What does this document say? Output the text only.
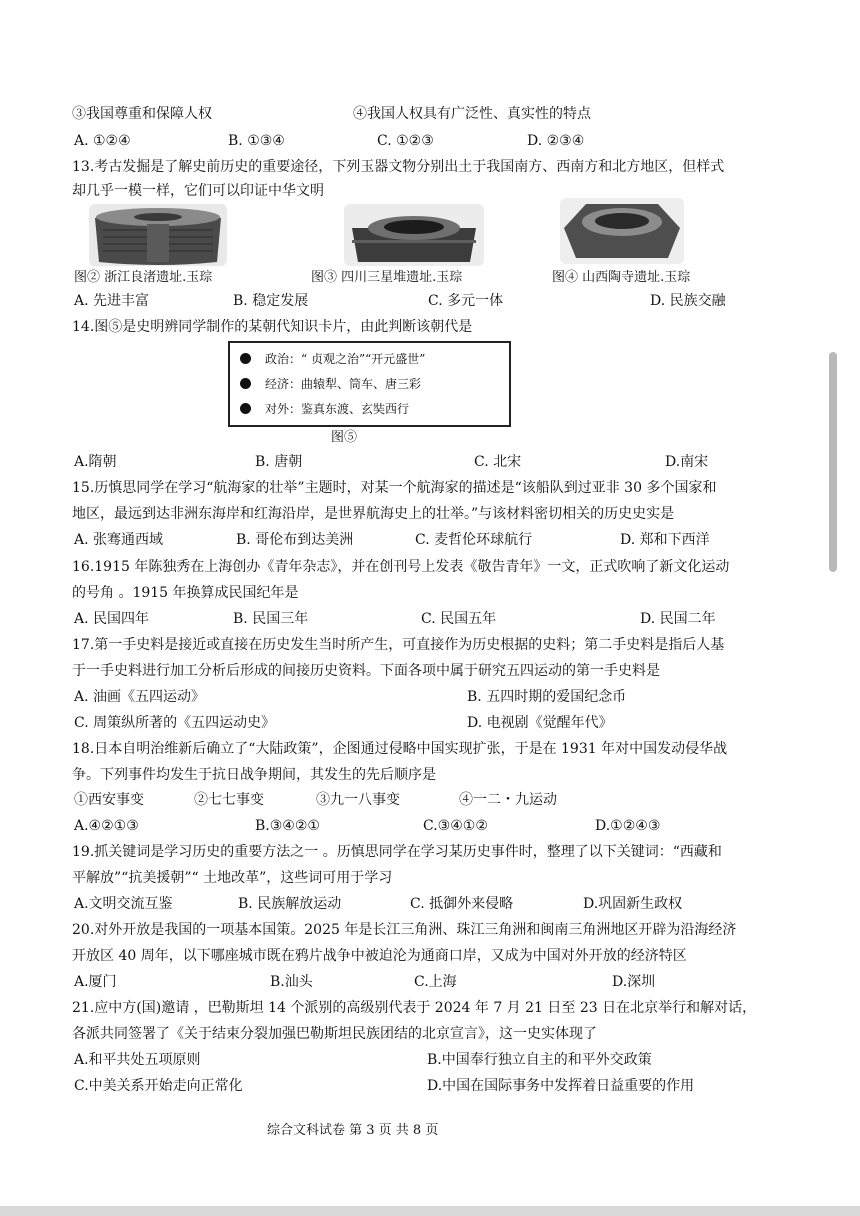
③我国尊重和保障人权	④我国人权具有广泛性、真实性的特点
A. ①②④	B. ①③④	C. ①②③	D. ②③④
13.考古发掘是了解史前历史的重要途径，下列玉器文物分别出土于我国南方、西南方和北方地区，但样式
却几乎一模一样，它们可以印证中华文明
图② 浙江良渚遗址.玉琮	图③ 四川三星堆遗址.玉琮	图④ 山西陶寺遗址.玉琮
A. 先进丰富	B. 稳定发展	C. 多元一体	D. 民族交融
14.图⑤是史明辨同学制作的某朝代知识卡片，由此判断该朝代是
政治：“ 贞观之治”“开元盛世”
经济：曲辕犁、筒车、唐三彩
对外：鉴真东渡、玄奘西行
图⑤
A.隋朝	B. 唐朝	C. 北宋	D.南宋
15.历慎思同学在学习“航海家的壮举”主题时，对某一个航海家的描述是“该船队到过亚非 30 多个国家和
地区，最远到达非洲东海岸和红海沿岸，是世界航海史上的壮举。”与该材料密切相关的历史史实是
A. 张骞通西域	B. 哥伦布到达美洲	C. 麦哲伦环球航行	D. 郑和下西洋
16.1915 年陈独秀在上海创办《青年杂志》，并在创刊号上发表《敬告青年》一文，正式吹响了新文化运动
的号角 。1915 年换算成民国纪年是
A. 民国四年	B. 民国三年	C. 民国五年	D. 民国二年
17.第一手史料是接近或直接在历史发生当时所产生，可直接作为历史根据的史料；第二手史料是指后人基
于一手史料进行加工分析后形成的间接历史资料。下面各项中属于研究五四运动的第一手史料是
A. 油画《五四运动》	B. 五四时期的爱国纪念币
C. 周策纵所著的《五四运动史》	D. 电视剧《觉醒年代》
18.日本自明治维新后确立了“大陆政策”，企图通过侵略中国实现扩张，于是在 1931 年对中国发动侵华战
争。下列事件均发生于抗日战争期间，其发生的先后顺序是
①西安事变	②七七事变	③九一八事变	④一二・九运动
A.④②①③	B.③④②①	C.③④①②	D.①②④③
19.抓关键词是学习历史的重要方法之一 。历慎思同学在学习某历史事件时，整理了以下关键词：“西藏和
平解放”“抗美援朝”“ 土地改革”，这些词可用于学习
A.文明交流互鉴	B. 民族解放运动	C. 抵御外来侵略	D.巩固新生政权
20.对外开放是我国的一项基本国策。2025 年是长江三角洲、珠江三角洲和闽南三角洲地区开辟为沿海经济
开放区 40 周年，以下哪座城市既在鸦片战争中被迫沦为通商口岸，又成为中国对外开放的经济特区
A.厦门	B.汕头	C.上海	D.深圳
21.应中方(国)邀请 ，巴勒斯坦 14 个派别的高级别代表于 2024 年 7 月 21 日至 23 日在北京举行和解对话，
各派共同签署了《关于结束分裂加强巴勒斯坦民族团结的北京宣言》，这一史实体现了
A.和平共处五项原则	B.中国奉行独立自主的和平外交政策
C.中美关系开始走向正常化	D.中国在国际事务中发挥着日益重要的作用
综合文科试卷 第 3 页 共 8 页
